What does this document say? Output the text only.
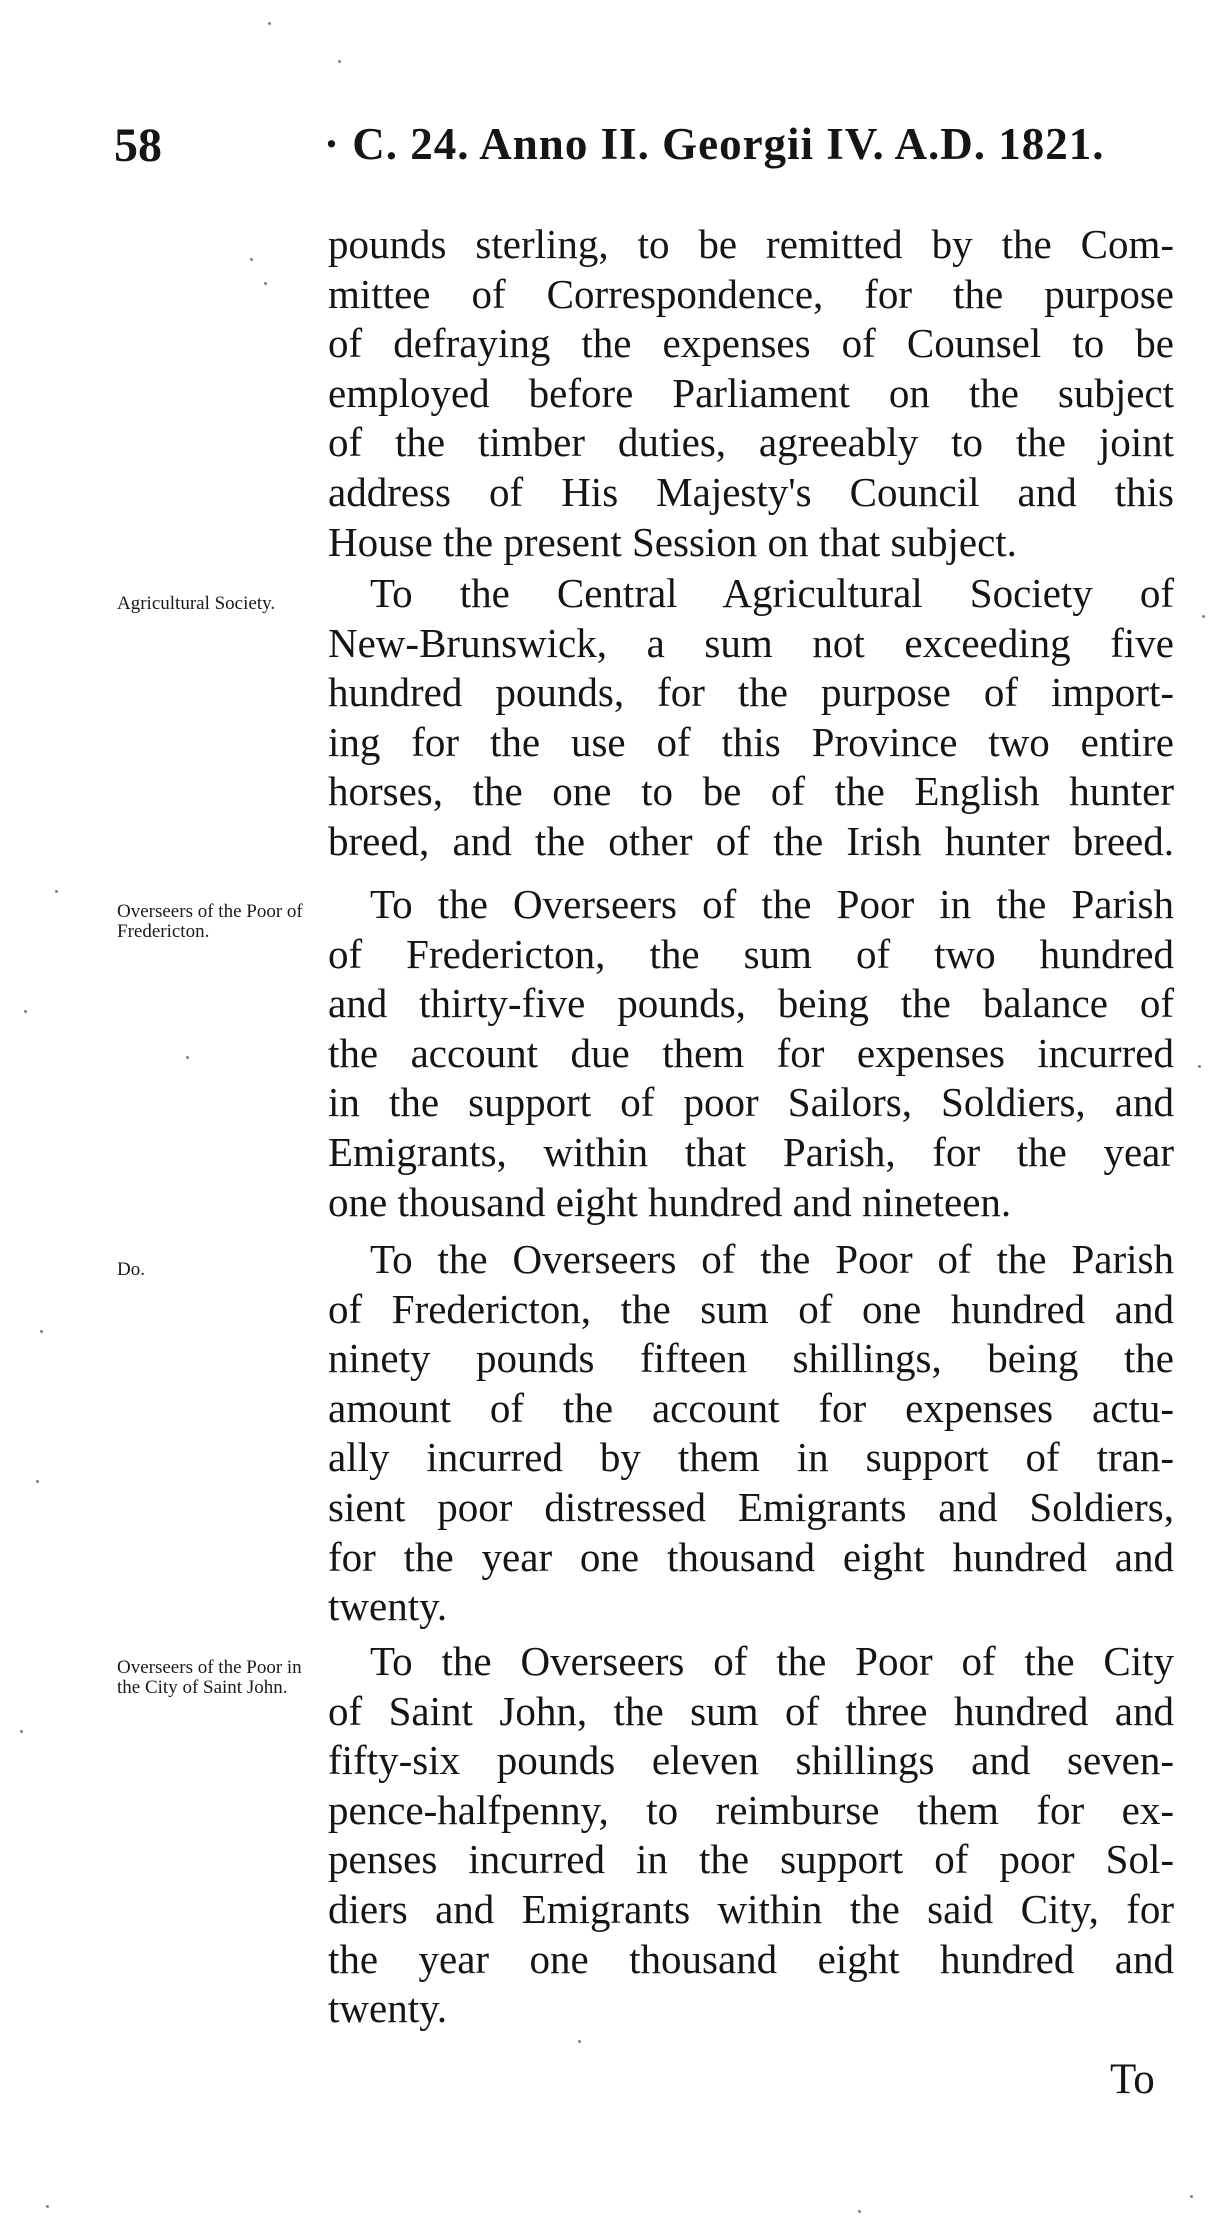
58	· C. 24. Anno II. Georgii IV. A.D. 1821.
pounds sterling, to be remitted by the Com-
mittee of Correspondence, for the purpose
of defraying the expenses of Counsel to be
employed before Parliament on the subject
of the timber duties, agreeably to the joint
address of His Majesty's Council and this
House the present Session on that subject.
Agricultural Society.	To the Central Agricultural Society of
New-Brunswick, a sum not exceeding five
hundred pounds, for the purpose of import-
ing for the use of this Province two entire
horses, the one to be of the English hunter
breed, and the other of the Irish hunter breed.
Overseers of the Poor of Fredericton.
To the Overseers of the Poor in the Parish
of Fredericton, the sum of two hundred
and thirty-five pounds, being the balance of
the account due them for expenses incurred
in the support of poor Sailors, Soldiers, and
Emigrants, within that Parish, for the year
one thousand eight hundred and nineteen.
Do.	To the Overseers of the Poor of the Parish
of Fredericton, the sum of one hundred and
ninety pounds fifteen shillings, being the
amount of the account for expenses actu-
ally incurred by them in support of tran-
sient poor distressed Emigrants and Soldiers,
for the year one thousand eight hundred and
twenty.
Overseers of the Poor in the City of Saint John.
To the Overseers of the Poor of the City
of Saint John, the sum of three hundred and
fifty-six pounds eleven shillings and seven-
pence-halfpenny, to reimburse them for ex-
penses incurred in the support of poor Sol-
diers and Emigrants within the said City, for
the year one thousand eight hundred and
twenty.
To
